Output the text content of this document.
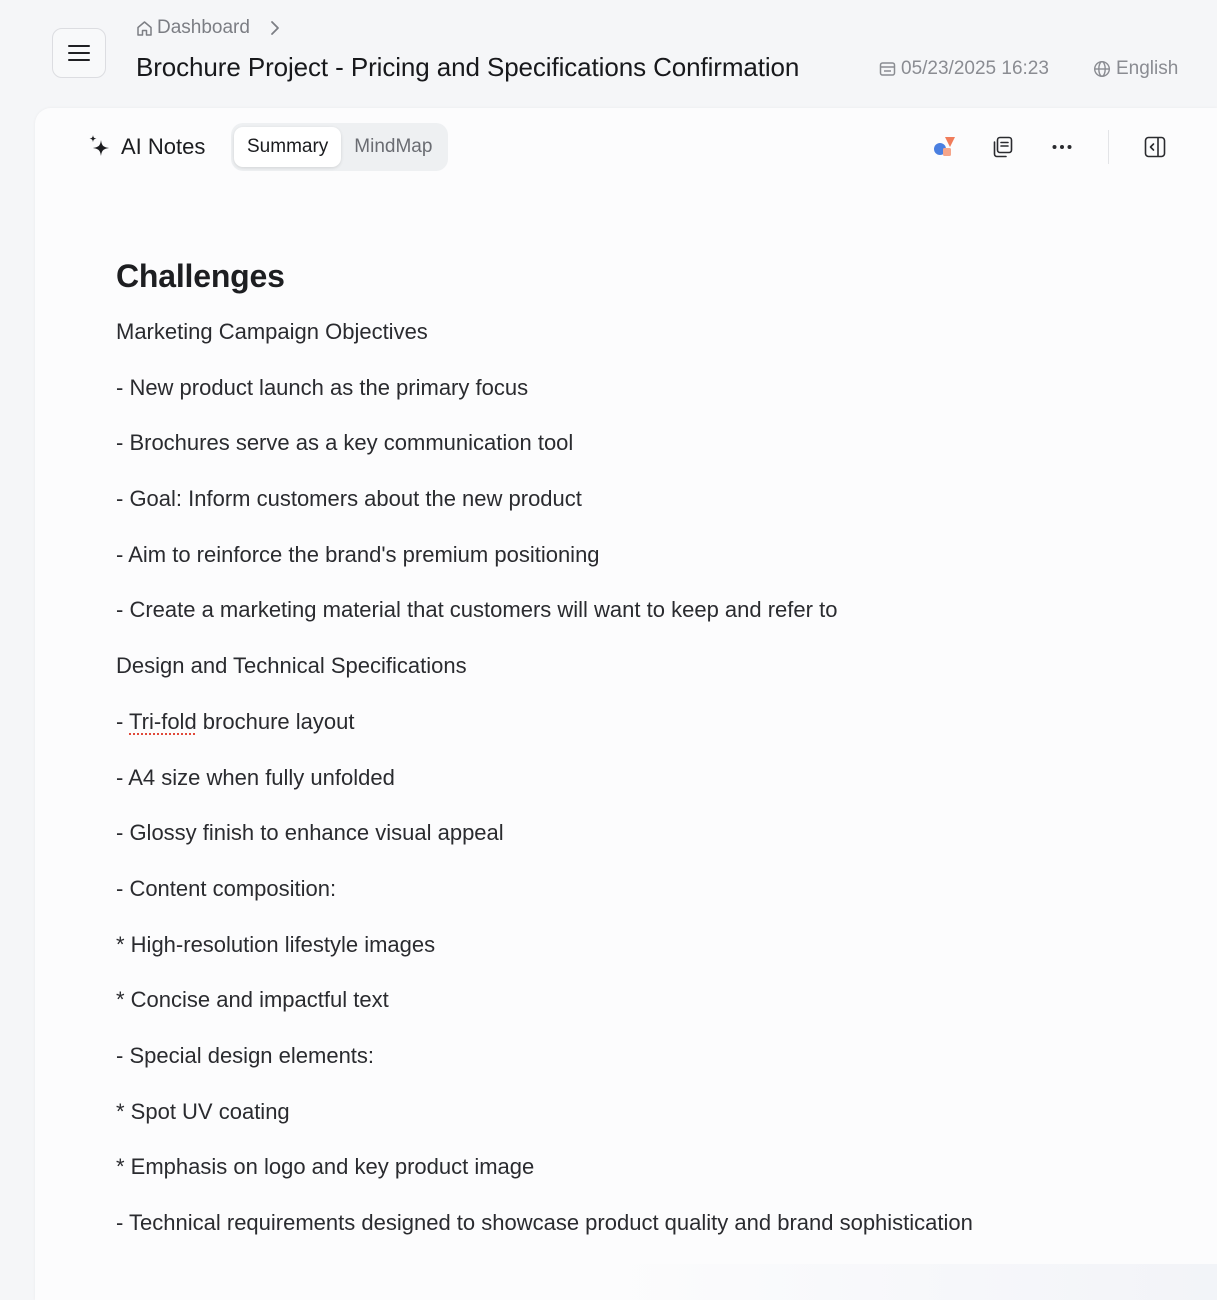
Dashboard
Brochure Project - Pricing and Specifications Confirmation	05/23/2025 16:23	English
AI Notes	Summary	MindMap
Challenges
Marketing Campaign Objectives
- New product launch as the primary focus
- Brochures serve as a key communication tool
- Goal: Inform customers about the new product
- Aim to reinforce the brand's premium positioning
- Create a marketing material that customers will want to keep and refer to
Design and Technical Specifications
- Tri-fold brochure layout
- A4 size when fully unfolded
- Glossy finish to enhance visual appeal
- Content composition:
* High-resolution lifestyle images
* Concise and impactful text
- Special design elements:
* Spot UV coating
* Emphasis on logo and key product image
- Technical requirements designed to showcase product quality and brand sophistication
